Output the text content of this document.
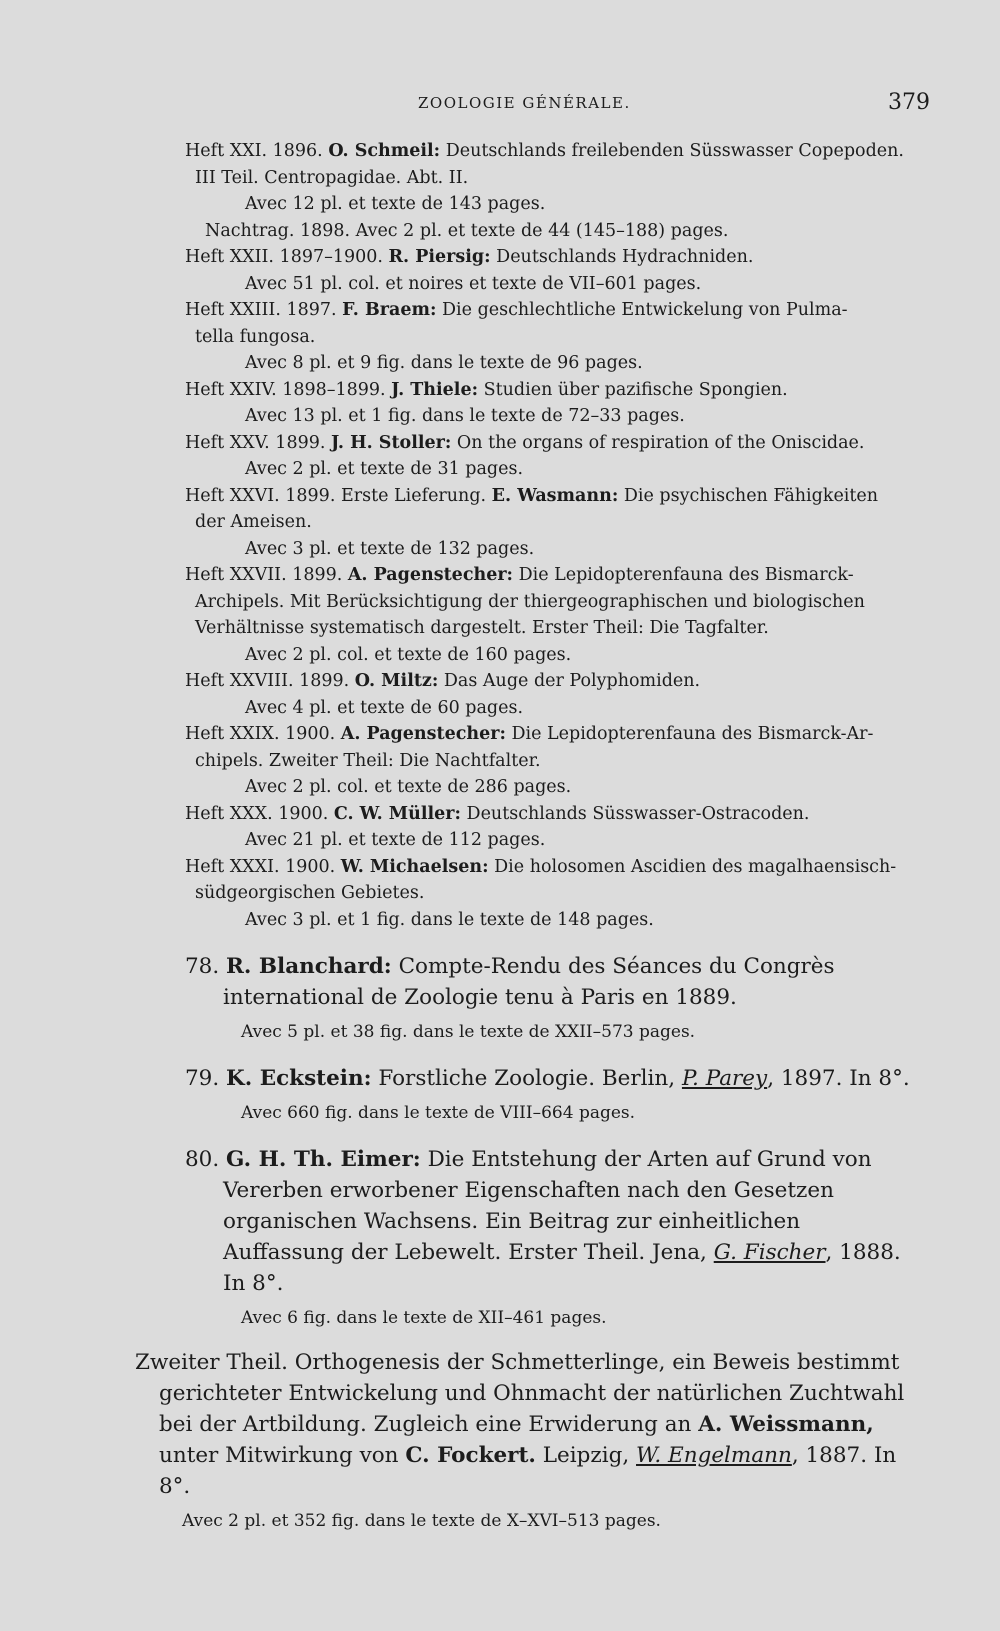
ZOOLOGIE GÉNÉRALE.	379

Heft XXI. 1896. O. Schmeil: Deutschlands freilebenden Süsswasser Copepoden.

III Teil. Centropagidae. Abt. II.

Avec 12 pl. et texte de 143 pages.

Nachtrag. 1898. Avec 2 pl. et texte de 44 (145–188) pages.

Heft XXII. 1897–1900. R. Piersig: Deutschlands Hydrachniden.

Avec 51 pl. col. et noires et texte de VII–601 pages.

Heft XXIII. 1897. F. Braem: Die geschlechtliche Entwickelung von Pulma-

tella fungosa.

Avec 8 pl. et 9 fig. dans le texte de 96 pages.

Heft XXIV. 1898–1899. J. Thiele: Studien über pazifische Spongien.

Avec 13 pl. et 1 fig. dans le texte de 72–33 pages.

Heft XXV. 1899. J. H. Stoller: On the organs of respiration of the Oniscidae.

Avec 2 pl. et texte de 31 pages.

Heft XXVI. 1899. Erste Lieferung. E. Wasmann: Die psychischen Fähigkeiten

der Ameisen.

Avec 3 pl. et texte de 132 pages.

Heft XXVII. 1899. A. Pagenstecher: Die Lepidopterenfauna des Bismarck-

Archipels. Mit Berücksichtigung der thiergeographischen und biologischen

Verhältnisse systematisch dargestelt. Erster Theil: Die Tagfalter.

Avec 2 pl. col. et texte de 160 pages.

Heft XXVIII. 1899. O. Miltz: Das Auge der Polyphomiden.

Avec 4 pl. et texte de 60 pages.

Heft XXIX. 1900. A. Pagenstecher: Die Lepidopterenfauna des Bismarck-Ar-

chipels. Zweiter Theil: Die Nachtfalter.

Avec 2 pl. col. et texte de 286 pages.

Heft XXX. 1900. C. W. Müller: Deutschlands Süsswasser-Ostracoden.

Avec 21 pl. et texte de 112 pages.

Heft XXXI. 1900. W. Michaelsen: Die holosomen Ascidien des magalhaensisch-

südgeorgischen Gebietes.

Avec 3 pl. et 1 fig. dans le texte de 148 pages.

78. R. Blanchard: Compte-Rendu des Séances du Congrès international de Zoologie tenu à Paris en 1889.

Avec 5 pl. et 38 fig. dans le texte de XXII–573 pages.

79. K. Eckstein: Forstliche Zoologie. Berlin, P. Parey, 1897. In 8°.

Avec 660 fig. dans le texte de VIII–664 pages.

80. G. H. Th. Eimer: Die Entstehung der Arten auf Grund von Vererben erworbener Eigenschaften nach den Gesetzen organischen Wachsens. Ein Beitrag zur einheitlichen Auffassung der Lebewelt. Erster Theil. Jena, G. Fischer, 1888. In 8°.

Avec 6 fig. dans le texte de XII–461 pages.

Zweiter Theil. Orthogenesis der Schmetterlinge, ein Beweis bestimmt gerichteter Entwickelung und Ohnmacht der natürlichen Zuchtwahl bei der Artbildung. Zugleich eine Erwiderung an A. Weissmann, unter Mitwirkung von C. Fockert. Leipzig, W. Engelmann, 1887. In 8°.

Avec 2 pl. et 352 fig. dans le texte de X–XVI–513 pages.
